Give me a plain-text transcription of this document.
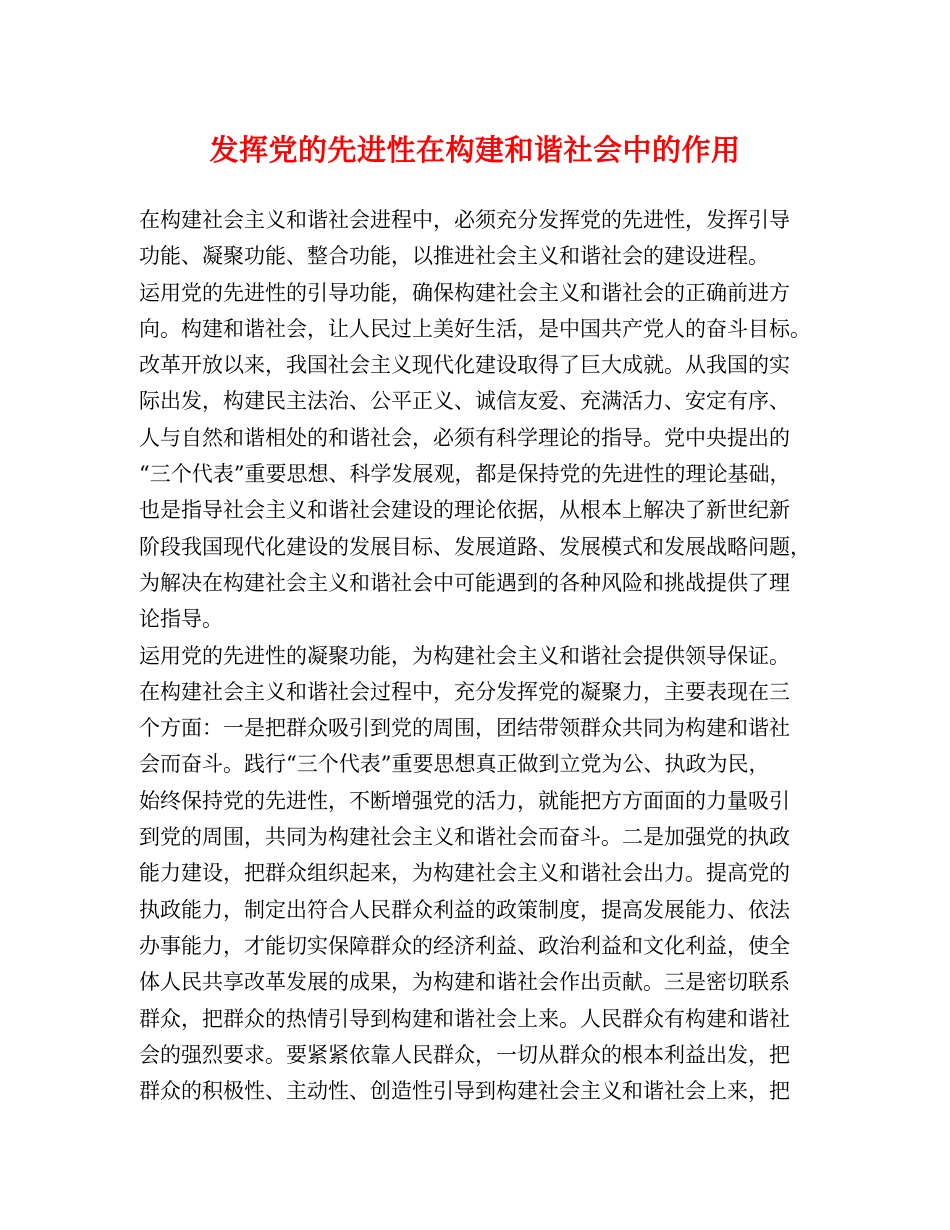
发挥党的先进性在构建和谐社会中的作用
在构建社会主义和谐社会进程中，必须充分发挥党的先进性，发挥引导
功能、凝聚功能、整合功能，以推进社会主义和谐社会的建设进程。
运用党的先进性的引导功能，确保构建社会主义和谐社会的正确前进方
向。构建和谐社会，让人民过上美好生活，是中国共产党人的奋斗目标。
改革开放以来，我国社会主义现代化建设取得了巨大成就。从我国的实
际出发，构建民主法治、公平正义、诚信友爱、充满活力、安定有序、
人与自然和谐相处的和谐社会，必须有科学理论的指导。党中央提出的
“三个代表”重要思想、科学发展观，都是保持党的先进性的理论基础，
也是指导社会主义和谐社会建设的理论依据，从根本上解决了新世纪新
阶段我国现代化建设的发展目标、发展道路、发展模式和发展战略问题，
为解决在构建社会主义和谐社会中可能遇到的各种风险和挑战提供了理
论指导。
运用党的先进性的凝聚功能，为构建社会主义和谐社会提供领导保证。
在构建社会主义和谐社会过程中，充分发挥党的凝聚力，主要表现在三
个方面：一是把群众吸引到党的周围，团结带领群众共同为构建和谐社
会而奋斗。践行“三个代表”重要思想真正做到立党为公、执政为民，
始终保持党的先进性，不断增强党的活力，就能把方方面面的力量吸引
到党的周围，共同为构建社会主义和谐社会而奋斗。二是加强党的执政
能力建设，把群众组织起来，为构建社会主义和谐社会出力。提高党的
执政能力，制定出符合人民群众利益的政策制度，提高发展能力、依法
办事能力，才能切实保障群众的经济利益、政治利益和文化利益，使全
体人民共享改革发展的成果，为构建和谐社会作出贡献。三是密切联系
群众，把群众的热情引导到构建和谐社会上来。人民群众有构建和谐社
会的强烈要求。要紧紧依靠人民群众，一切从群众的根本利益出发，把
群众的积极性、主动性、创造性引导到构建社会主义和谐社会上来，把
